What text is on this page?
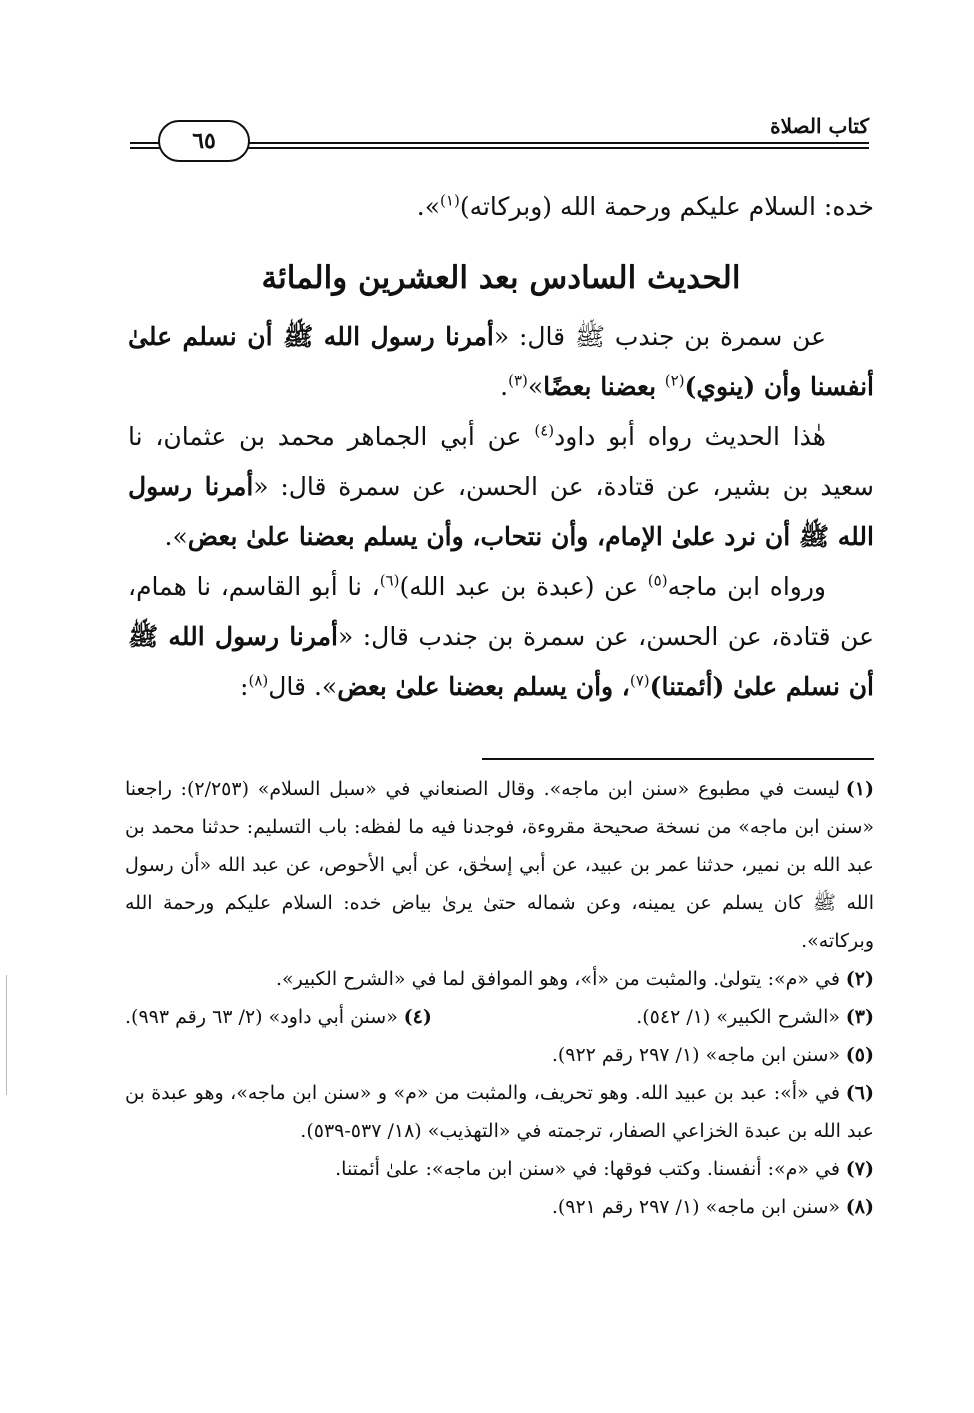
كتاب الصلاة
٦٥

خده: السلام عليكم ورحمة الله (وبركاته)$^{(١)}$».

الحديث السادس بعد العشرين والمائة

عن سمرة بن جندب ﷺ قال: «أمرنا رسول الله ﷺ أن نسلم علىٰ أنفسنا وأن (ينوي)$^{(٢)}$ بعضنا بعضًا»$^{(٣)}$.

هٰذا الحديث رواه أبو داود$^{(٤)}$ عن أبي الجماهر محمد بن عثمان، نا سعيد بن بشير، عن قتادة، عن الحسن، عن سمرة قال: «أمرنا رسول الله ﷺ أن نرد علىٰ الإمام، وأن نتحاب، وأن يسلم بعضنا علىٰ بعض».

ورواه ابن ماجه$^{(٥)}$ عن (عبدة بن عبد الله)$^{(٦)}$، نا أبو القاسم، نا همام، عن قتادة، عن الحسن، عن سمرة بن جندب قال: «أمرنا رسول الله ﷺ أن نسلم علىٰ (أئمتنا)$^{(٧)}$، وأن يسلم بعضنا علىٰ بعض». قال$^{(٨)}$:

(١)ليست في مطبوع «سنن ابن ماجه». وقال الصنعاني في «سبل السلام» (٢/٢٥٣): راجعنا «سنن ابن ماجه» من نسخة صحيحة مقروءة، فوجدنا فيه ما لفظه: باب التسليم: حدثنا محمد بن عبد الله بن نمير، حدثنا عمر بن عبيد، عن أبي إسحٰق، عن أبي الأحوص، عن عبد الله «أن رسول الله ﷺ كان يسلم عن يمينه، وعن شماله حتىٰ يرىٰ بياض خده: السلام عليكم ورحمة الله وبركاته».

(٢)في «م»: يتولىٰ. والمثبت من «أ»، وهو الموافق لما في «الشرح الكبير».

(٣)«الشرح الكبير» (١/ ٥٤٢).
(٤)«سنن أبي داود» (٢/ ٦٣ رقم ٩٩٣).

(٥)«سنن ابن ماجه» (١/ ٢٩٧ رقم ٩٢٢).

(٦)في «أ»: عبد بن عبيد الله. وهو تحريف، والمثبت من «م» و «سنن ابن ماجه»، وهو عبدة بن عبد الله بن عبدة الخزاعي الصفار، ترجمته في «التهذيب» (١٨/ ٥٣٧-٥٣٩).

(٧)في «م»: أنفسنا. وكتب فوقها: في «سنن ابن ماجه»: علىٰ أئمتنا.

(٨)«سنن ابن ماجه» (١/ ٢٩٧ رقم ٩٢١).
